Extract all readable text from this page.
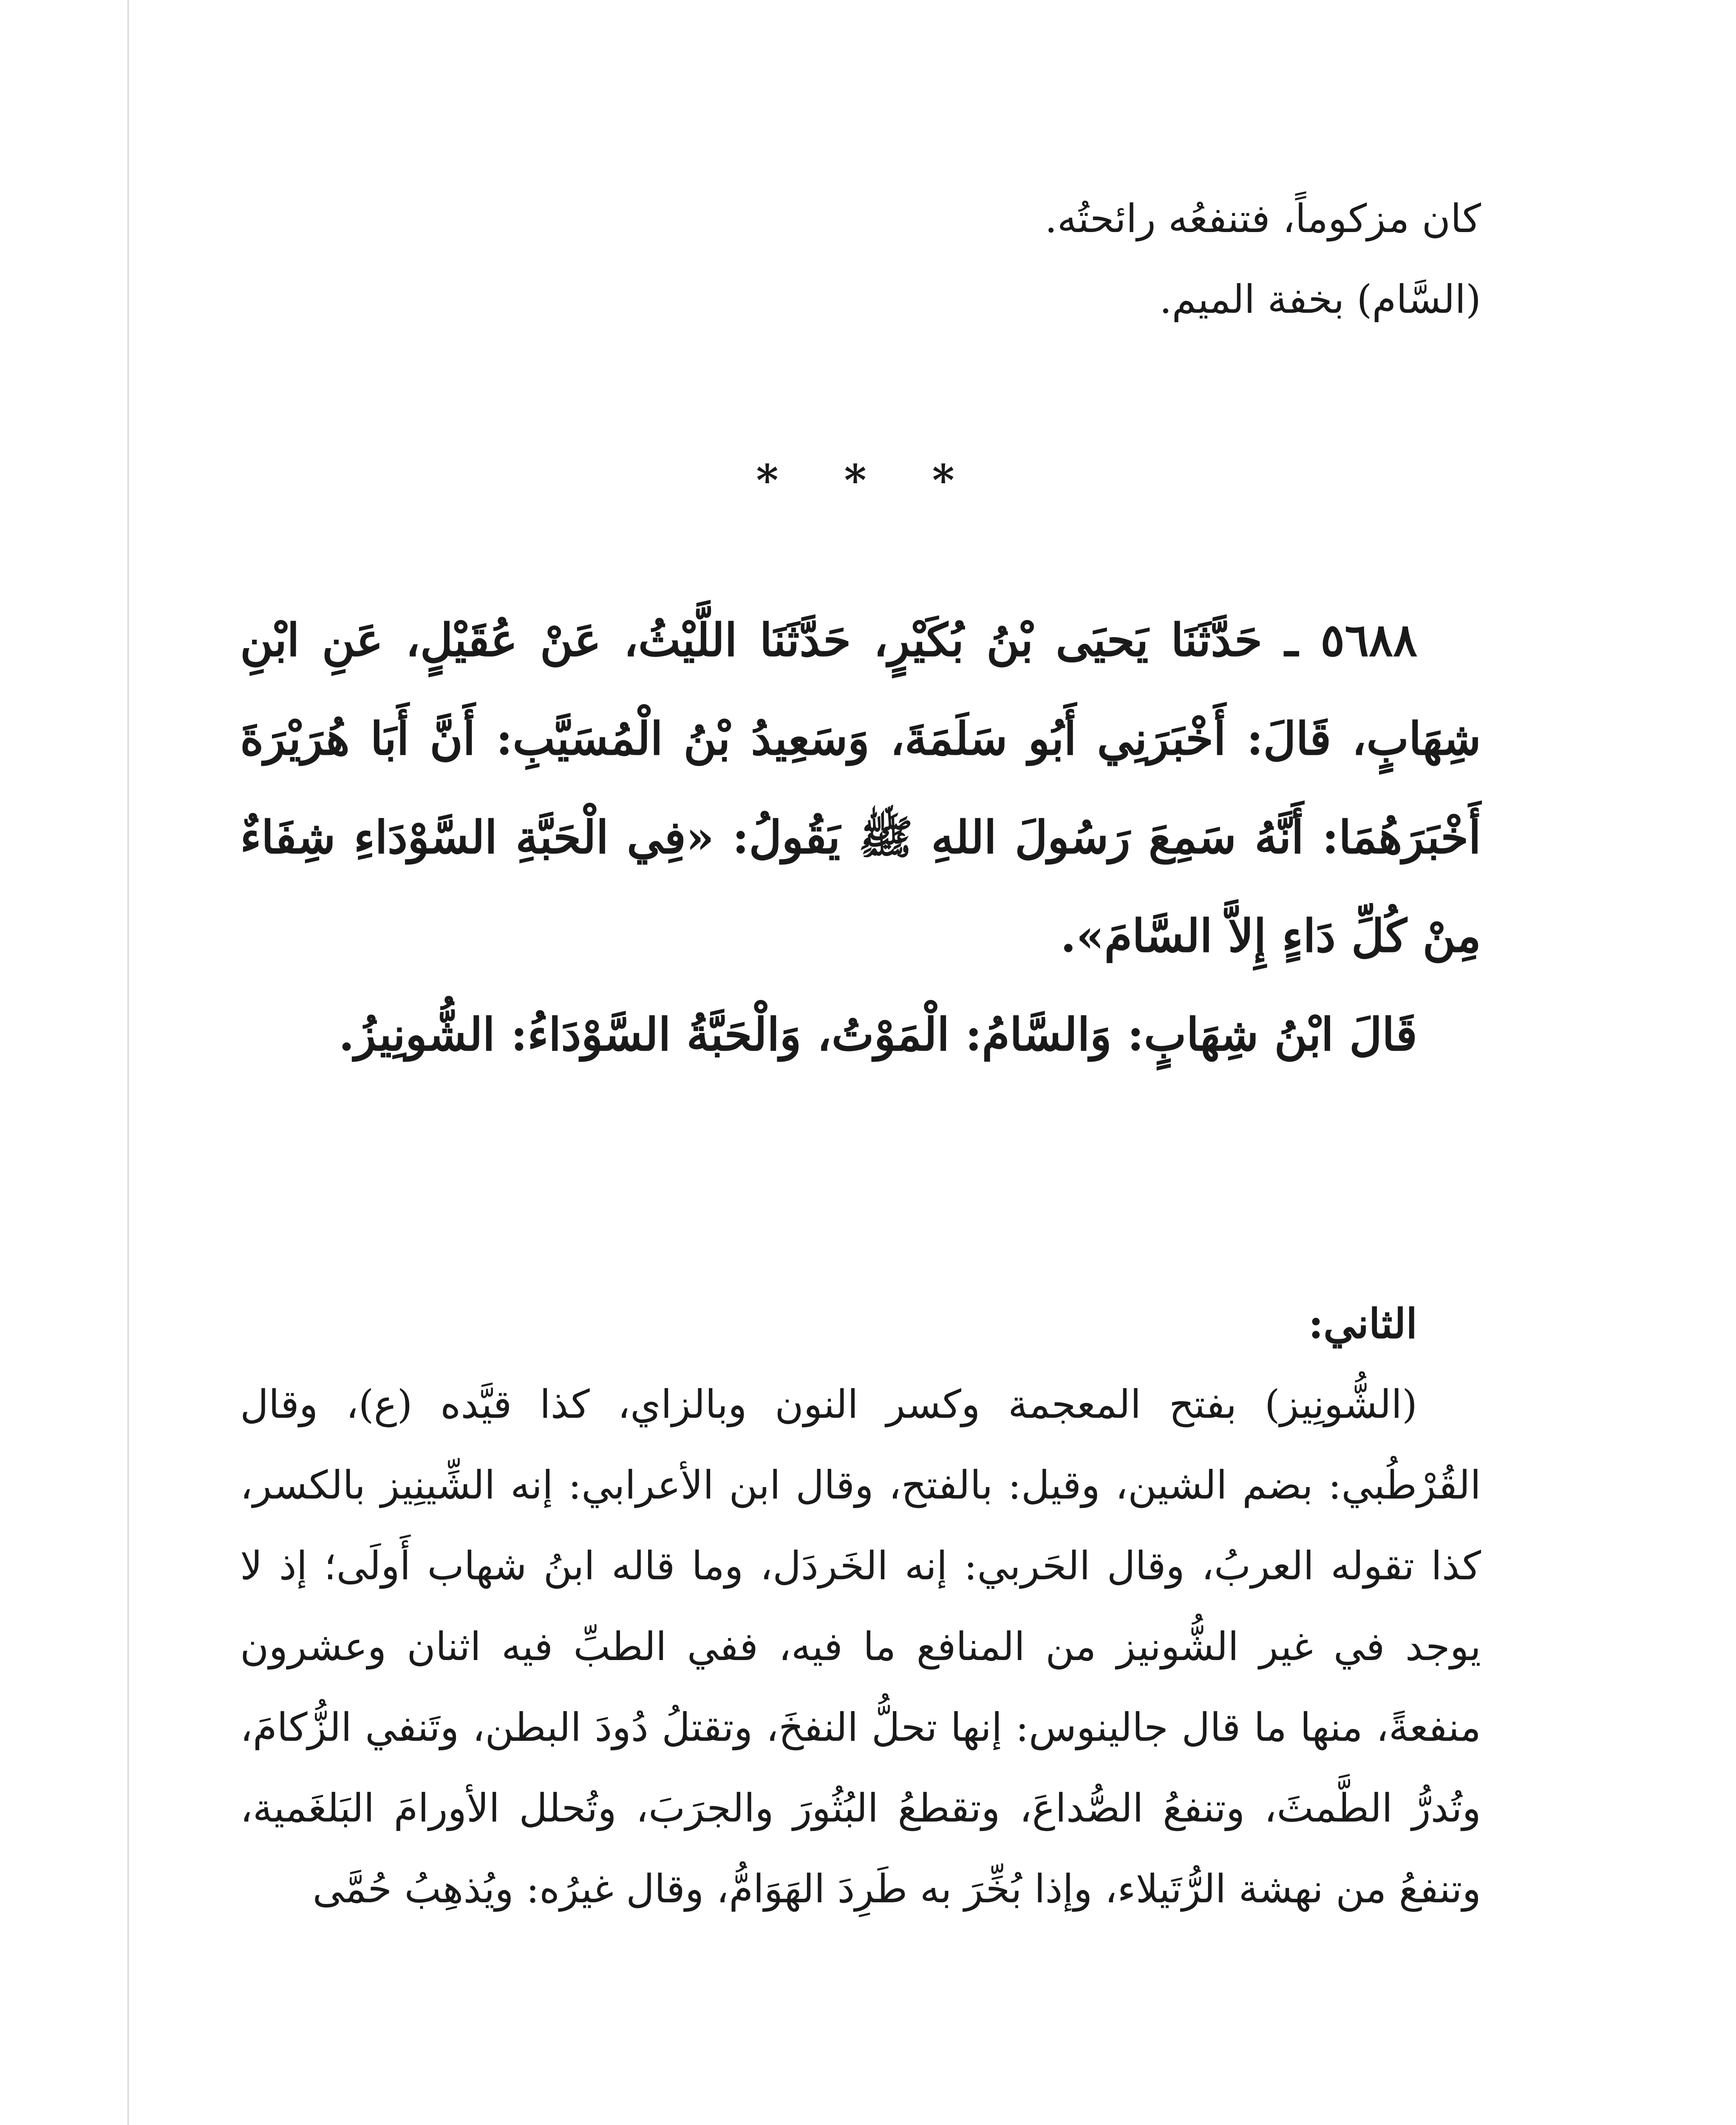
كان مزكوماً، فتنفعُه رائحتُه.

(السَّام) بخفة الميم.

* * *

٥٦٨٨ ـ حَدَّثَنَا يَحيَى بْنُ بُكَيْرٍ، حَدَّثَنَا اللَّيْثُ، عَنْ عُقَيْلٍ، عَنِ ابْنِ شِهَابٍ، قَالَ: أَخْبَرَنِي أَبُو سَلَمَةَ، وَسَعِيدُ بْنُ الْمُسَيَّبِ: أَنَّ أَبَا هُرَيْرَةَ أَخْبَرَهُمَا: أَنَّهُ سَمِعَ رَسُولَ اللهِ ﷺ يَقُولُ: «فِي الْحَبَّةِ السَّوْدَاءِ شِفَاءٌ مِنْ كُلِّ دَاءٍ إِلاَّ السَّامَ».

قَالَ ابْنُ شِهَابٍ: وَالسَّامُ: الْمَوْتُ، وَالْحَبَّةُ السَّوْدَاءُ: الشُّونِيزُ.

الثاني:

(الشُّونِيز) بفتح المعجمة وكسر النون وبالزاي، كذا قيَّده (ع)، وقال القُرْطُبي: بضم الشين، وقيل: بالفتح، وقال ابن الأعرابي: إنه الشِّينِيز بالكسر، كذا تقوله العربُ، وقال الحَربي: إنه الخَردَل، وما قاله ابنُ شهاب أَولَى؛ إذ لا يوجد في غير الشُّونيز من المنافع ما فيه، ففي الطبِّ فيه اثنان وعشرون منفعةً، منها ما قال جالينوس: إنها تحلُّ النفخَ، وتقتلُ دُودَ البطن، وتَنفي الزُّكامَ، وتُدرُّ الطَّمثَ، وتنفعُ الصُّداعَ، وتقطعُ البُثُورَ والجرَبَ، وتُحلل الأورامَ البَلغَمية، وتنفعُ من نهشة الرُّتَيلاء، وإذا بُخِّرَ به طَرِدَ الهَوَامُّ، وقال غيرُه: ويُذهِبُ حُمَّى
